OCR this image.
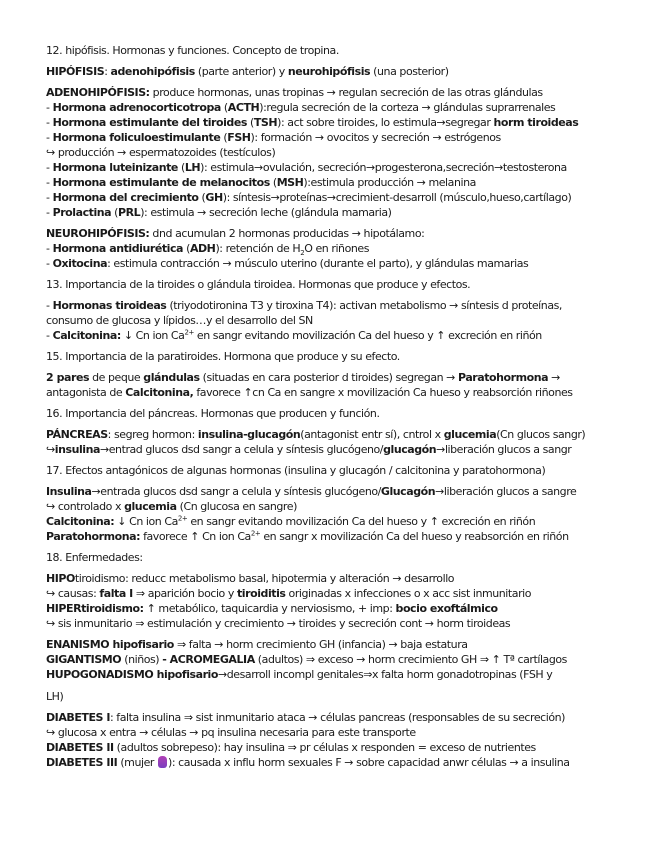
12. hipófisis. Hormonas y funciones. Concepto de tropina.
HIPÓFISIS: adenohipófisis (parte anterior) y neurohipófisis (una posterior)
ADENOHIPÓFISIS: produce hormonas, unas tropinas → regulan secreción de las otras glándulas
- Hormona adrenocorticotropa (ACTH):regula secreción de la corteza → glándulas suprarrenales
- Hormona estimulante del tiroides (TSH): act sobre tiroides, lo estimula→segregar horm tiroideas
- Hormona foliculoestimulante (FSH): formación → ovocitos y secreción → estrógenos
↪ producción → espermatozoides (testículos)
- Hormona luteinizante (LH): estimula→ovulación, secreción→progesterona,secreción→testosterona
- Hormona estimulante de melanocitos (MSH):estimula producción → melanina
- Hormona del crecimiento (GH): síntesis→proteínas→crecimient-desarroll (músculo,hueso,cartílago)
- Prolactina (PRL): estimula → secreción leche (glándula mamaria)
NEUROHIPÓFISIS: dnd acumulan 2 hormonas producidas → hipotálamo:
- Hormona antidiurética (ADH): retención de $H_2O$ en riñones
- Oxitocina: estimula contracción → músculo uterino (durante el parto), y glándulas mamarias
13. Importancia de la tiroides o glándula tiroidea. Hormonas que produce y efectos.
- Hormonas tiroideas (triyodotironina T3 y tiroxina T4): activan metabolismo → síntesis d proteínas,
consumo de glucosa y lípidos…y el desarrollo del SN
- Calcitonina: ↓ Cn ion $Ca^{2+}$ en sangr evitando movilización Ca del hueso y ↑ excreción en riñón
15. Importancia de la paratiroides. Hormona que produce y su efecto.
2 pares de peque glándulas (situadas en cara posterior d tiroides) segregan → Paratohormona →
antagonista de Calcitonina, favorece ↑cn Ca en sangre x movilización Ca hueso y reabsorción riñones
16. Importancia del páncreas. Hormonas que producen y función.
PÁNCREAS: segreg hormon: insulina-glucagón(antagonist entr sí), cntrol x glucemia(Cn glucos sangr)
↪insulina→entrad glucos dsd sangr a celula y síntesis glucógeno/glucagón→liberación glucos a sangr
17. Efectos antagónicos de algunas hormonas (insulina y glucagón / calcitonina y paratohormona)
Insulina→entrada glucos dsd sangr a celula y síntesis glucógeno/Glucagón→liberación glucos a sangre
↪ controlado x glucemia (Cn glucosa en sangre)
Calcitonina: ↓ Cn ion $Ca^{2+}$ en sangr evitando movilización Ca del hueso y ↑ excreción en riñón
Paratohormona: favorece ↑ Cn ion $Ca^{2+}$ en sangr x movilización Ca del hueso y reabsorción en riñón
18. Enfermedades:
HIPOtiroidismo: reducc metabolismo basal, hipotermia y alteración → desarrollo
↪ causas: falta I ⇒ aparición bocio y tiroiditis originadas x infecciones o x acc sist inmunitario
HIPERtiroidismo: ↑ metabólico, taquicardia y nerviosismo, + imp: bocio exoftálmico
↪ sis inmunitario ⇒ estimulación y crecimiento → tiroides y secreción cont → horm tiroideas
ENANISMO hipofisario ⇒ falta → horm crecimiento GH (infancia) → baja estatura
GIGANTISMO (niños) - ACROMEGALIA (adultos) ⇒ exceso → horm crecimiento GH ⇒ ↑ Tª cartílagos
HUPOGONADISMO hipofisario→desarroll incompl genitales⇒x falta horm gonadotropinas (FSH y
LH)
DIABETES I: falta insulina ⇒ sist inmunitario ataca → células pancreas (responsables de su secreción)
↪ glucosa x entra → células → pq insulina necesaria para este transporte
DIABETES II (adultos sobrepeso): hay insulina ⇒ pr células x responden = exceso de nutrientes
DIABETES III (mujer ): causada x influ horm sexuales F → sobre capacidad anwr células → a insulina
